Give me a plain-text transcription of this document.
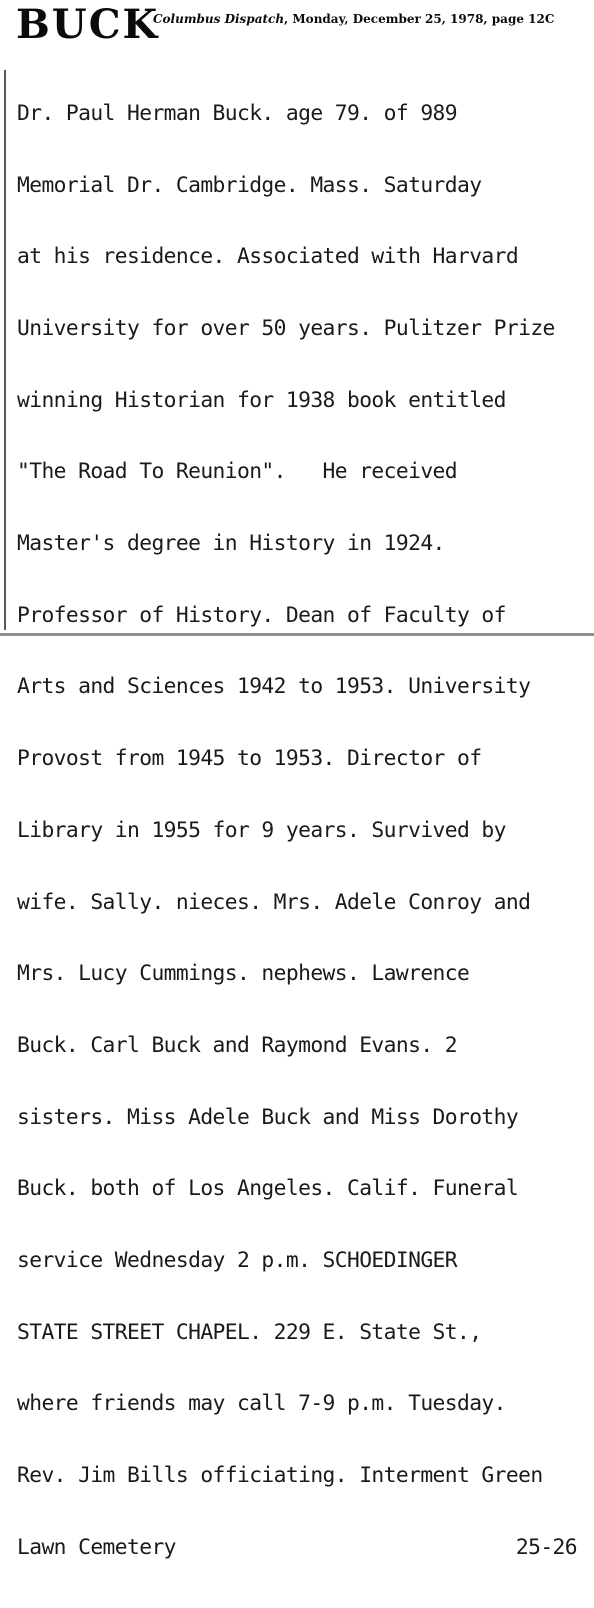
BUCK
Columbus Dispatch, Monday, December 25, 1978, page 12C

Dr. Paul Herman Buck. age 79. of 989

Memorial Dr. Cambridge. Mass. Saturday

at his residence. Associated with Harvard

University for over 50 years. Pulitzer Prize

winning Historian for 1938 book entitled

"The Road To Reunion".   He received

Master's degree in History in 1924.

Professor of History. Dean of Faculty of

Arts and Sciences 1942 to 1953. University

Provost from 1945 to 1953. Director of

Library in 1955 for 9 years. Survived by

wife. Sally. nieces. Mrs. Adele Conroy and

Mrs. Lucy Cummings. nephews. Lawrence

Buck. Carl Buck and Raymond Evans. 2

sisters. Miss Adele Buck and Miss Dorothy

Buck. both of Los Angeles. Calif. Funeral

service Wednesday 2 p.m. SCHOEDINGER

STATE STREET CHAPEL. 229 E. State St.,

where friends may call 7-9 p.m. Tuesday.

Rev. Jim Bills officiating. Interment Green

Lawn Cemetery	25-26
